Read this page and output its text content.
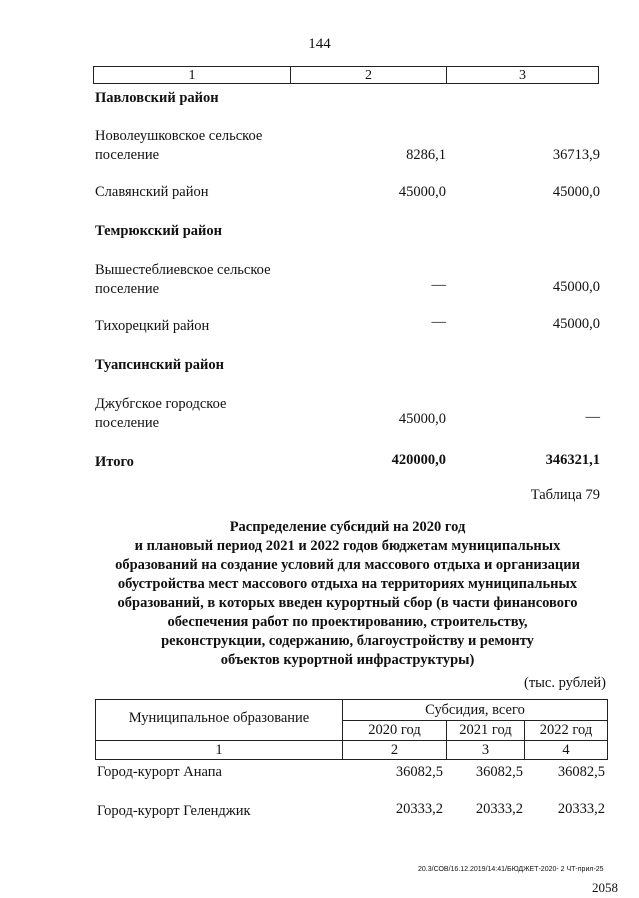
144
1	2	3
Павловский район
Новолеушковское сельское
поселение	8286,1	36713,9
Славянский район	45000,0	45000,0
Темрюкский район
Вышестеблиевское сельское
поселение	—	45000,0
Тихорецкий район	—	45000,0
Туапсинский район
Джубгское городское
поселение	45000,0	—
Итого	420000,0	346321,1
Таблица 79
Распределение субсидий на 2020 год
и плановый период 2021 и 2022 годов бюджетам муниципальных
образований на создание условий для массового отдыха и организации
обустройства мест массового отдыха на территориях муниципальных
образований, в которых введен курортный сбор (в части финансового
обеспечения работ по проектированию, строительству,
реконструкции, содержанию, благоустройству и ремонту
объектов курортной инфраструктуры)
(тыс. рублей)
Муниципальное образование	Субсидия, всего
2020 год	2021 год	2022 год
1	2	3	4
Город-курорт Анапа	36082,5	36082,5	36082,5
Город-курорт Геленджик	20333,2	20333,2	20333,2
20.3/СОВ/16.12.2019/14:41/БЮДЖЕТ-2020- 2 ЧТ-прил-25
2058
